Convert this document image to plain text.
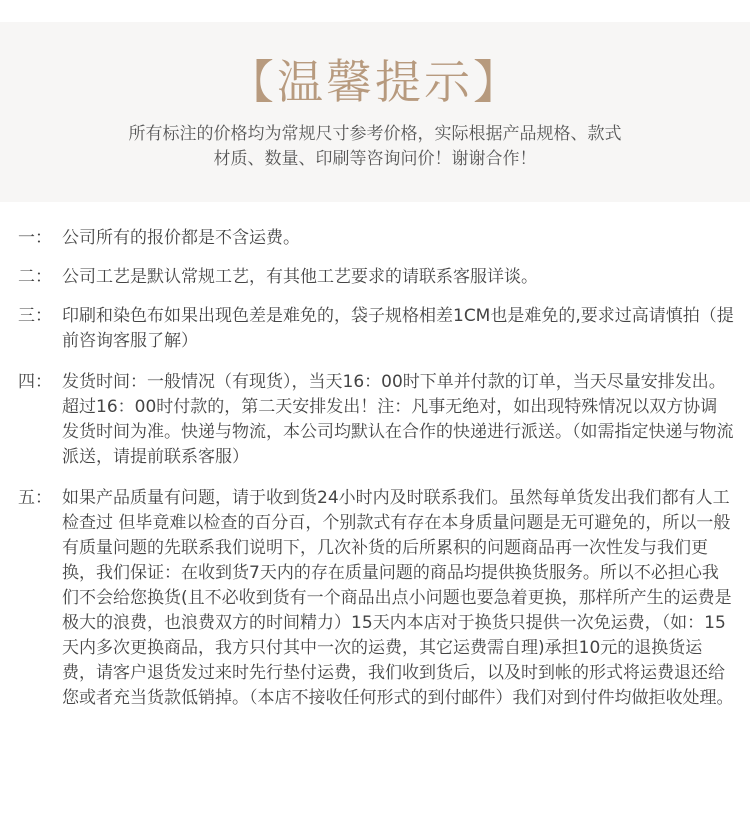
【温馨提示】
所有标注的价格均为常规尺寸参考价格，实际根据产品规格、款式
材质、数量、印刷等咨询问价！谢谢合作！
一： 公司所有的报价都是不含运费。
二： 公司工艺是默认常规工艺，有其他工艺要求的请联系客服详谈。
三： 印刷和染色布如果出现色差是难免的，袋子规格相差1CM也是难免的,要求过高请慎拍（提前咨询客服了解）
四： 发货时间：一般情况（有现货），当天16：00时下单并付款的订单，当天尽量安排发出。超过16：00时付款的，第二天安排发出！注：凡事无绝对，如出现特殊情况以双方协调发货时间为准。快递与物流，本公司均默认在合作的快递进行派送。（如需指定快递与物流派送，请提前联系客服）
五： 如果产品质量有问题，请于收到货24小时内及时联系我们。虽然每单货发出我们都有人工检查过 但毕竟难以检查的百分百，个别款式有存在本身质量问题是无可避免的，所以一般有质量问题的先联系我们说明下，几次补货的后所累积的问题商品再一次性发与我们更换，我们保证：在收到货7天内的存在质量问题的商品均提供换货服务。所以不必担心我们不会给您换货(且不必收到货有一个商品出点小问题也要急着更换，那样所产生的运费是极大的浪费，也浪费双方的时间精力）15天内本店对于换货只提供一次免运费，（如：15天内多次更换商品，我方只付其中一次的运费，其它运费需自理)承担10元的退换货运费，请客户退货发过来时先行垫付运费，我们收到货后，以及时到帐的形式将运费退还给您或者充当货款低销掉。（本店不接收任何形式的到付邮件）我们对到付件均做拒收处理。
